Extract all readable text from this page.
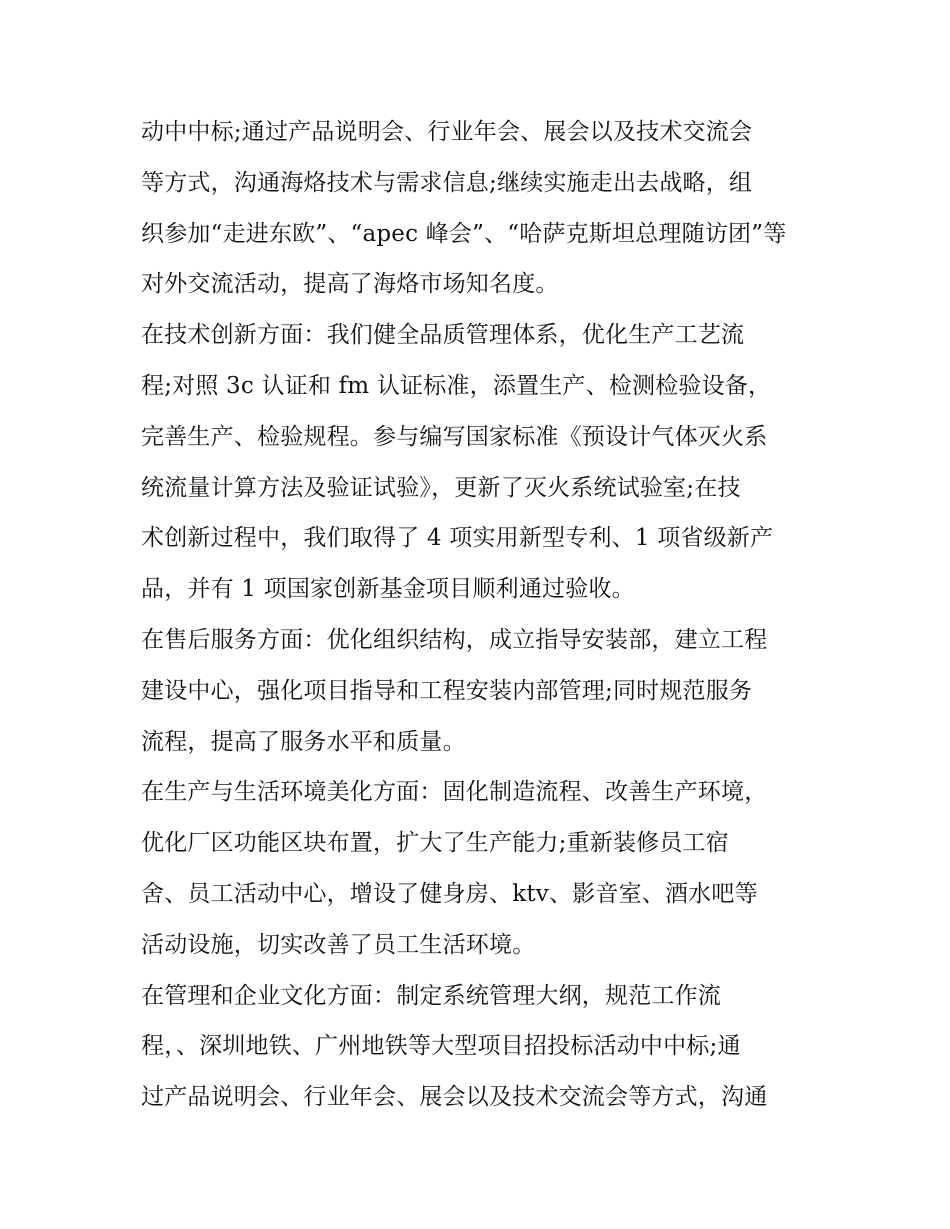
动中中标;通过产品说明会、行业年会、展会以及技术交流会
等方式，沟通海烙技术与需求信息;继续实施走出去战略，组
织参加“走进东欧”、“apec 峰会”、“哈萨克斯坦总理随访团”等
对外交流活动，提高了海烙市场知名度。
在技术创新方面：我们健全品质管理体系，优化生产工艺流
程;对照 3c 认证和 fm 认证标准，添置生产、检测检验设备，
完善生产、检验规程。参与编写国家标准《预设计气体灭火系
统流量计算方法及验证试验》，更新了灭火系统试验室;在技
术创新过程中，我们取得了 4 项实用新型专利、1 项省级新产
品，并有 1 项国家创新基金项目顺利通过验收。
在售后服务方面：优化组织结构，成立指导安装部，建立工程
建设中心，强化项目指导和工程安装内部管理;同时规范服务
流程，提高了服务水平和质量。
在生产与生活环境美化方面：固化制造流程、改善生产环境，
优化厂区功能区块布置，扩大了生产能力;重新装修员工宿
舍、员工活动中心，增设了健身房、ktv、影音室、酒水吧等
活动设施，切实改善了员工生活环境。
在管理和企业文化方面：制定系统管理大纲，规范工作流
程，、深圳地铁、广州地铁等大型项目招投标活动中中标;通
过产品说明会、行业年会、展会以及技术交流会等方式，沟通
